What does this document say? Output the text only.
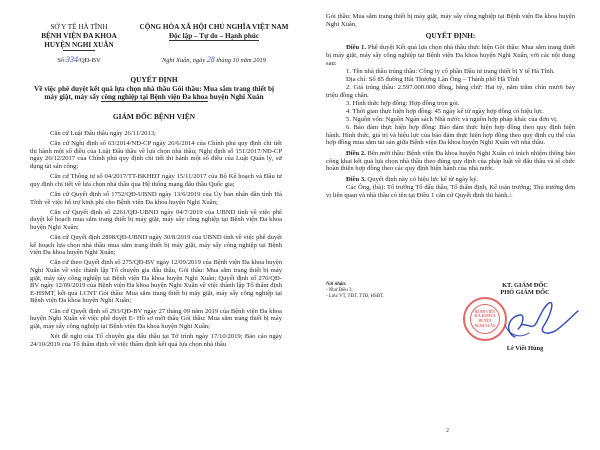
SỞ Y TẾ HÀ TĨNH
BỆNH VIỆN ĐA KHOA
HUYỆN NGHI XUÂN
CỘNG HÒA XÃ HỘI CHỦ NGHĨA VIỆT NAM
Độc lập – Tự do – Hạnh phúc
Số:334/QĐ-BV	Nghi Xuân, ngày 28 tháng 10 năm 2019
QUYẾT ĐỊNH
Về việc phê duyệt kết quả lựa chọn nhà thầu Gói thầu: Mua sắm trang thiết bị
máy giặt, máy sấy công nghiệp tại Bệnh viện Đa khoa huyện Nghi Xuân
GIÁM ĐỐC BỆNH VIỆN

Căn cứ Luật Đấu thầu ngày 26/11/2013;

Căn cứ Nghị định số 63/2014/NĐ-CP ngày 26/6/2014 của Chính phủ quy định chi tiết thi hành một số điều của Luật Đấu thầu về lựa chọn nhà thầu; Nghị định số 151/2017/NĐ-CP ngày 26/12/2017 của Chính phủ quy định chi tiết thi hành một số điều của Luật Quản lý, sử dụng tài sản công;

Căn cứ Thông tư số 04/2017/TT-BKHĐT ngày 15/11/2017 của Bộ Kế hoạch và Đầu tư quy định chi tiết về lựa chọn nhà thầu qua Hệ thống mạng đấu thầu Quốc gia;

Căn cứ Quyết định số 1752/QĐ-UBND ngày 13/6/2019 của Ủy ban nhân dân tỉnh Hà Tĩnh về việc hỗ trợ kinh phí cho Bệnh viện Đa khoa huyện Nghi Xuân;

Căn cứ Quyết định số 2261/QĐ-UBND ngày 04/7/2019 của UBND tỉnh về việc phê duyệt kế hoạch mua sắm trang thiết bị máy giặt, máy sấy công nghiệp tại Bệnh viện Đa khoa huyện Nghi Xuân;

Căn cứ Quyết định 2898/QĐ-UBND ngày 30/8/2019 của UBND tỉnh về việc phê duyệt kế hoạch lựa chọn nhà thầu mua sắm trang thiết bị máy giặt, máy sấy công nghiệp tại Bệnh viện Đa khoa huyện Nghi Xuân;

Căn cứ theo Quyết định số 275/QĐ-BV ngày 12/09/2019 của Bệnh viện Đa khoa huyện Nghi Xuân về việc thành lập Tổ chuyên gia đấu thầu, Gói thầu: Mua sắm trang thiết bị máy giặt, máy sấy công nghiệp tại Bệnh viện Đa khoa huyện Nghi Xuân; Quyết định số 276/QĐ-BV ngày 12/09/2019 của Bệnh viện Đa khoa huyện Nghi Xuân về việc thành lập Tổ thẩm định E-HSMT, kết quả LCNT Gói thầu: Mua sắm trang thiết bị máy giặt, máy sấy công nghiệp tại Bệnh viện Đa khoa huyện Nghi Xuân;

Căn cứ Quyết định số 293/QĐ-BV ngày 27 tháng 09 năm 2019 của Bệnh viện Đa khoa huyện Nghi Xuân về việc phê duyệt E- Hồ sơ mời thầu Gói thầu: Mua sắm trang thiết bị máy giặt, máy sấy công nghiệp tại Bệnh viện Đa khoa huyện Nghi Xuân;

Xét đề nghị của Tổ chuyên gia đấu thầu tại Tờ trình ngày 17/10/2019; Báo cáo ngày 24/10/2019 của Tổ thẩm định về việc thẩm định kết quả lựa chọn nhà thầu

Gói thầu: Mua sắm trang thiết bị máy giặt, máy sấy công nghiệp tại Bệnh viện Đa khoa huyện Nghi Xuân,

QUYẾT ĐỊNH:

Điều 1. Phê duyệt Kết quả lựa chọn nhà thầu thực hiện Gói thầu: Mua sắm trang thiết bị máy giặt, máy sấy công nghiệp tại Bệnh viện Đa khoa huyện Nghi Xuân, với các nội dung sau:

1. Tên nhà thầu trúng thầu: Công ty cổ phần Đầu tư trang thiết bị Y tế Hà Tĩnh.

Địa chỉ: Số 85 đường Hải Thượng Lãn Ông – Thành phố Hà Tĩnh

2. Giá trúng thầu: 2.597.000.000 đồng, bằng chữ: Hai tỷ, năm trăm chín mươi bảy triệu đồng chẵn.

3. Hình thức hợp đồng: Hợp đồng trọn gói.

4. Thời gian thực hiện hợp đồng: 45 ngày kể từ ngày hợp đồng có hiệu lực.

5. Nguồn vốn: Nguồn Ngân sách Nhà nước và nguồn hợp pháp khác của đơn vị.

6. Bảo đảm thực hiện hợp đồng: Bảo đảm thực hiện hợp đồng theo quy định hiện hành. Hình thức, giá trị và hiệu lực của bảo đảm thực hiện hợp đồng theo quy định cụ thể của hợp đồng mua sắm tài sản giữa Bệnh viện Đa khoa huyện Nghi Xuân với nhà thầu.

Điều 2. Bên mời thầu: Bệnh viện Đa khoa huyện Nghi Xuân có trách nhiệm thông báo công khai kết quả lựa chọn nhà thầu theo đúng quy định của pháp luật về đấu thầu và tổ chức hoàn thiện hợp đồng theo các quy định hiện hành của nhà nước.

Điều 3. Quyết định này có hiệu lực kể từ ngày ký.

Các Ông, (bà): Tổ trưởng Tổ đấu thầu, Tổ thẩm định, Kế toán trưởng; Thủ trưởng đơn vị liên quan và nhà thầu có tên tại Điều 1 căn cứ Quyết định thi hành./.

Nơi nhận:
- Như Điều 3;
- Lưu: VT, TĐT, TTĐ, HSĐT.
KT. GIÁM ĐỐC
PHÓ GIÁM ĐỐC
BỆNH VIỆN
ĐA KHOA
HUYỆN
NGHI XUÂN
Lê Viết Hùng
2
